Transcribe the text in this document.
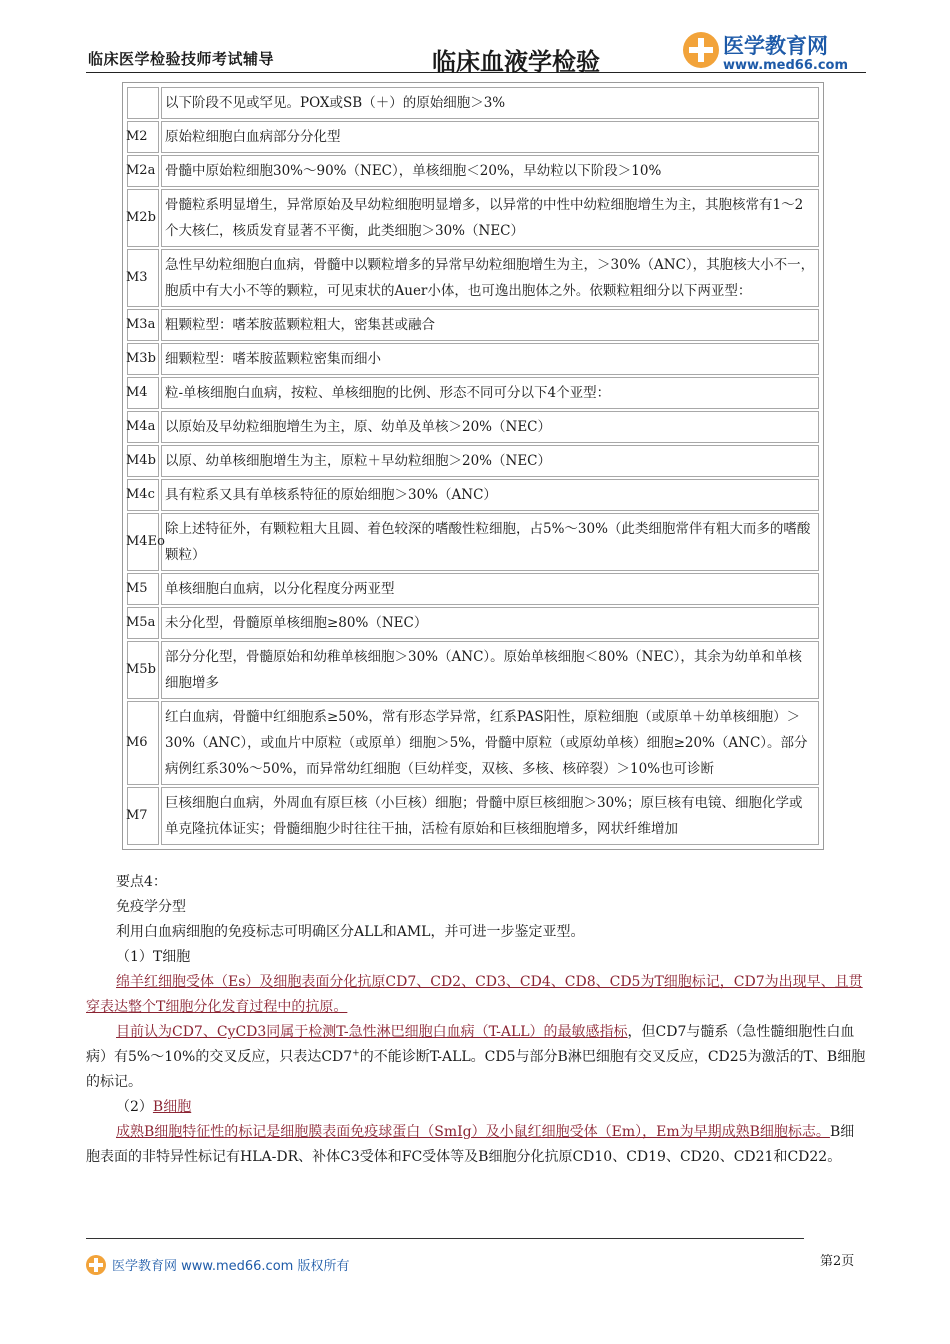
临床医学检验技师考试辅导	临床血液学检验
医学教育网
www.med66.com
	以下阶段不见或罕见。POX或SB（＋）的原始细胞＞3%
M2	原始粒细胞白血病部分分化型
M2a	骨髓中原始粒细胞30%～90%（NEC），单核细胞＜20%，早幼粒以下阶段＞10%
M2b	骨髓粒系明显增生，异常原始及早幼粒细胞明显增多，以异常的中性中幼粒细胞增生为主，其胞核常有1～2个大核仁，核质发育显著不平衡，此类细胞＞30%（NEC）
M3	急性早幼粒细胞白血病，骨髓中以颗粒增多的异常早幼粒细胞增生为主，＞30%（ANC），其胞核大小不一，胞质中有大小不等的颗粒，可见束状的Auer小体，也可逸出胞体之外。依颗粒粗细分以下两亚型：
M3a	粗颗粒型：嗜苯胺蓝颗粒粗大，密集甚或融合
M3b	细颗粒型：嗜苯胺蓝颗粒密集而细小
M4	粒-单核细胞白血病，按粒、单核细胞的比例、形态不同可分以下4个亚型：
M4a	以原始及早幼粒细胞增生为主，原、幼单及单核＞20%（NEC）
M4b	以原、幼单核细胞增生为主，原粒＋早幼粒细胞＞20%（NEC）
M4c	具有粒系又具有单核系特征的原始细胞＞30%（ANC）
M4Eo	除上述特征外，有颗粒粗大且圆、着色较深的嗜酸性粒细胞，占5%～30%（此类细胞常伴有粗大而多的嗜酸颗粒）
M5	单核细胞白血病，以分化程度分两亚型
M5a	未分化型，骨髓原单核细胞≥80%（NEC）
M5b	部分分化型，骨髓原始和幼稚单核细胞＞30%（ANC）。原始单核细胞＜80%（NEC），其余为幼单和单核细胞增多
M6	红白血病，骨髓中红细胞系≥50%，常有形态学异常，红系PAS阳性，原粒细胞（或原单＋幼单核细胞）＞30%（ANC），或血片中原粒（或原单）细胞＞5%，骨髓中原粒（或原幼单核）细胞≥20%（ANC）。部分病例红系30%～50%，而异常幼红细胞（巨幼样变，双核、多核、核碎裂）＞10%也可诊断
M7	巨核细胞白血病，外周血有原巨核（小巨核）细胞；骨髓中原巨核细胞＞30%；原巨核有电镜、细胞化学或单克隆抗体证实；骨髓细胞少时往往干抽，活检有原始和巨核细胞增多，网状纤维增加
要点4：
免疫学分型
利用白血病细胞的免疫标志可明确区分ALL和AML，并可进一步鉴定亚型。
（1）T细胞
绵羊红细胞受体（Es）及细胞表面分化抗原CD7、CD2、CD3、CD4、CD8、CD5为T细胞标记，CD7为出现早、且贯穿表达整个T细胞分化发育过程中的抗原。
目前认为CD7、CyCD3同属于检测T-急性淋巴细胞白血病（T-ALL）的最敏感指标，但CD7与髓系（急性髓细胞性白血病）有5%～10%的交叉反应，只表达CD7+的不能诊断T-ALL。CD5与部分B淋巴细胞有交叉反应，CD25为激活的T、B细胞的标记。
（2）B细胞
成熟B细胞特征性的标记是细胞膜表面免疫球蛋白（SmIg）及小鼠红细胞受体（Em），Em为早期成熟B细胞标志。B细胞表面的非特异性标记有HLA-DR、补体C3受体和FC受体等及B细胞分化抗原CD10、CD19、CD20、CD21和CD22。
第2页
医学教育网 www.med66.com 版权所有
